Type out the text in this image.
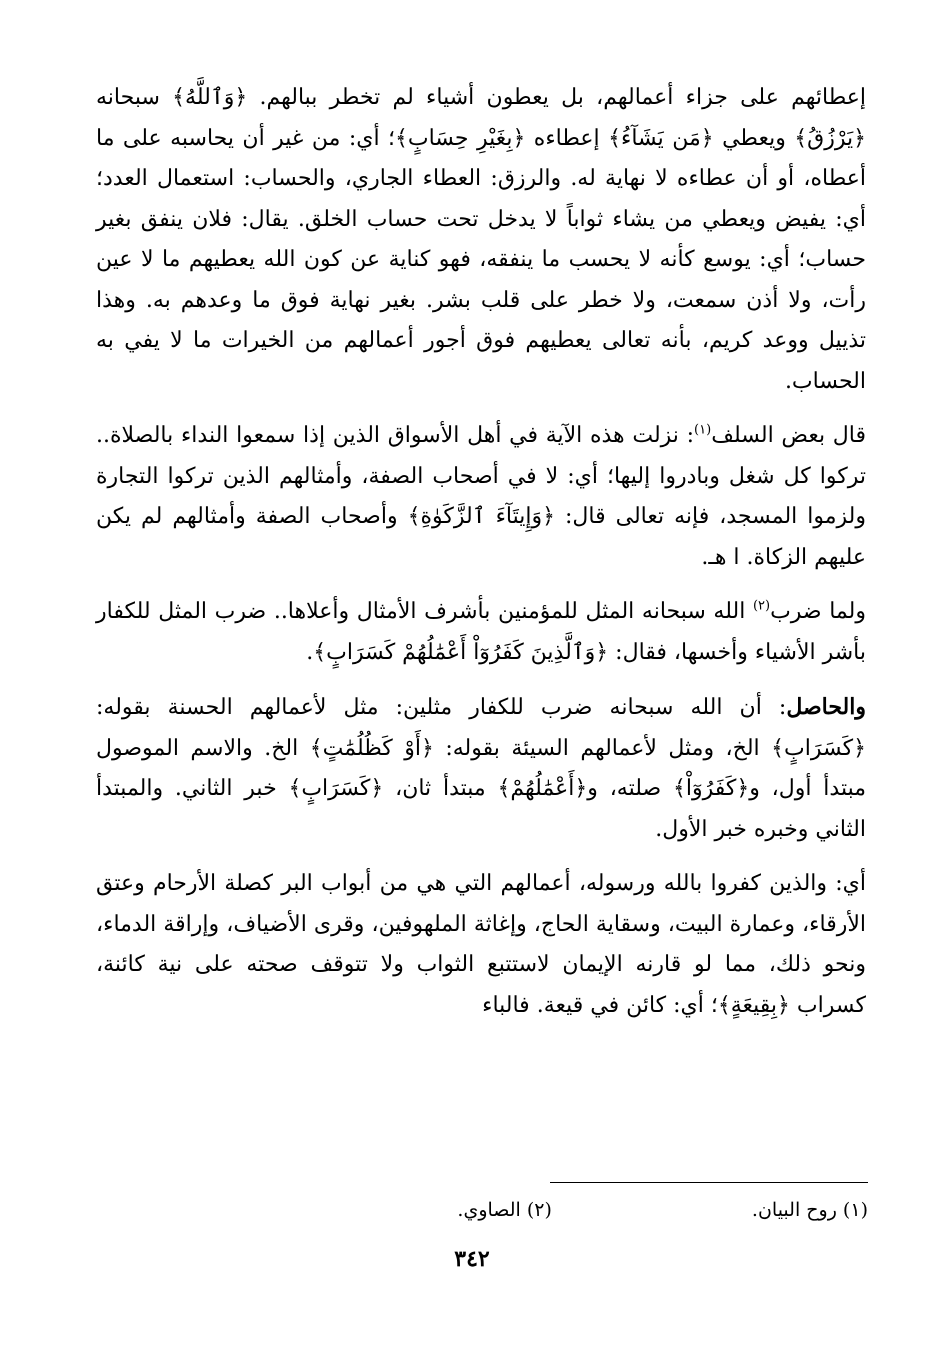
إعطائهم على جزاء أعمالهم، بل يعطون أشياء لم تخطر ببالهم. ﴿وَٱللَّهُ﴾ سبحانه ﴿يَرْزُقُ﴾ ويعطي ﴿مَن يَشَآءُ﴾ إعطاءه ﴿بِغَيْرِ حِسَابٍ﴾؛ أي: من غير أن يحاسبه على ما أعطاه، أو أن عطاءه لا نهاية له. والرزق: العطاء الجاري، والحساب: استعمال العدد؛ أي: يفيض ويعطي من يشاء ثواباً لا يدخل تحت حساب الخلق. يقال: فلان ينفق بغير حساب؛ أي: يوسع كأنه لا يحسب ما ينفقه، فهو كناية عن كون الله يعطيهم ما لا عين رأت، ولا أذن سمعت، ولا خطر على قلب بشر. بغير نهاية فوق ما وعدهم به. وهذا تذييل ووعد كريم، بأنه تعالى يعطيهم فوق أجور أعمالهم من الخيرات ما لا يفي به الحساب.

قال بعض السلف$^{(١)}$: نزلت هذه الآية في أهل الأسواق الذين إذا سمعوا النداء بالصلاة.. تركوا كل شغل وبادروا إليها؛ أي: لا في أصحاب الصفة، وأمثالهم الذين تركوا التجارة ولزموا المسجد، فإنه تعالى قال: ﴿وَإِيتَآءَ ٱلزَّكَوٰةِ﴾ وأصحاب الصفة وأمثالهم لم يكن عليهم الزكاة. ا هـ.

ولما ضرب$^{(٢)}$ الله سبحانه المثل للمؤمنين بأشرف الأمثال وأعلاها.. ضرب المثل للكفار بأشر الأشياء وأخسها، فقال: ﴿وَٱلَّذِينَ كَفَرُوٓاْ أَعْمَٰلُهُمْ كَسَرَابٍ﴾.

والحاصل: أن الله سبحانه ضرب للكفار مثلين: مثل لأعمالهم الحسنة بقوله: ﴿كَسَرَابٍ﴾ الخ، ومثل لأعمالهم السيئة بقوله: ﴿أَوْ كَظُلُمَٰتٍ﴾ الخ. والاسم الموصول مبتدأ أول، و﴿كَفَرُوٓاْ﴾ صلته، و﴿أَعْمَٰلُهُمْ﴾ مبتدأ ثان، ﴿كَسَرَابٍ﴾ خبر الثاني. والمبتدأ الثاني وخبره خبر الأول.

أي: والذين كفروا بالله ورسوله، أعمالهم التي هي من أبواب البر كصلة الأرحام وعتق الأرقاء، وعمارة البيت، وسقاية الحاج، وإغاثة الملهوفين، وقرى الأضياف، وإراقة الدماء، ونحو ذلك، مما لو قارنه الإيمان لاستتبع الثواب ولا تتوقف صحته على نية كائنة، كسراب ﴿بِقِيعَةٍ﴾؛ أي: كائن في قيعة. فالباء

(١) روح البيان.
(٢) الصاوي.
٣٤٢
